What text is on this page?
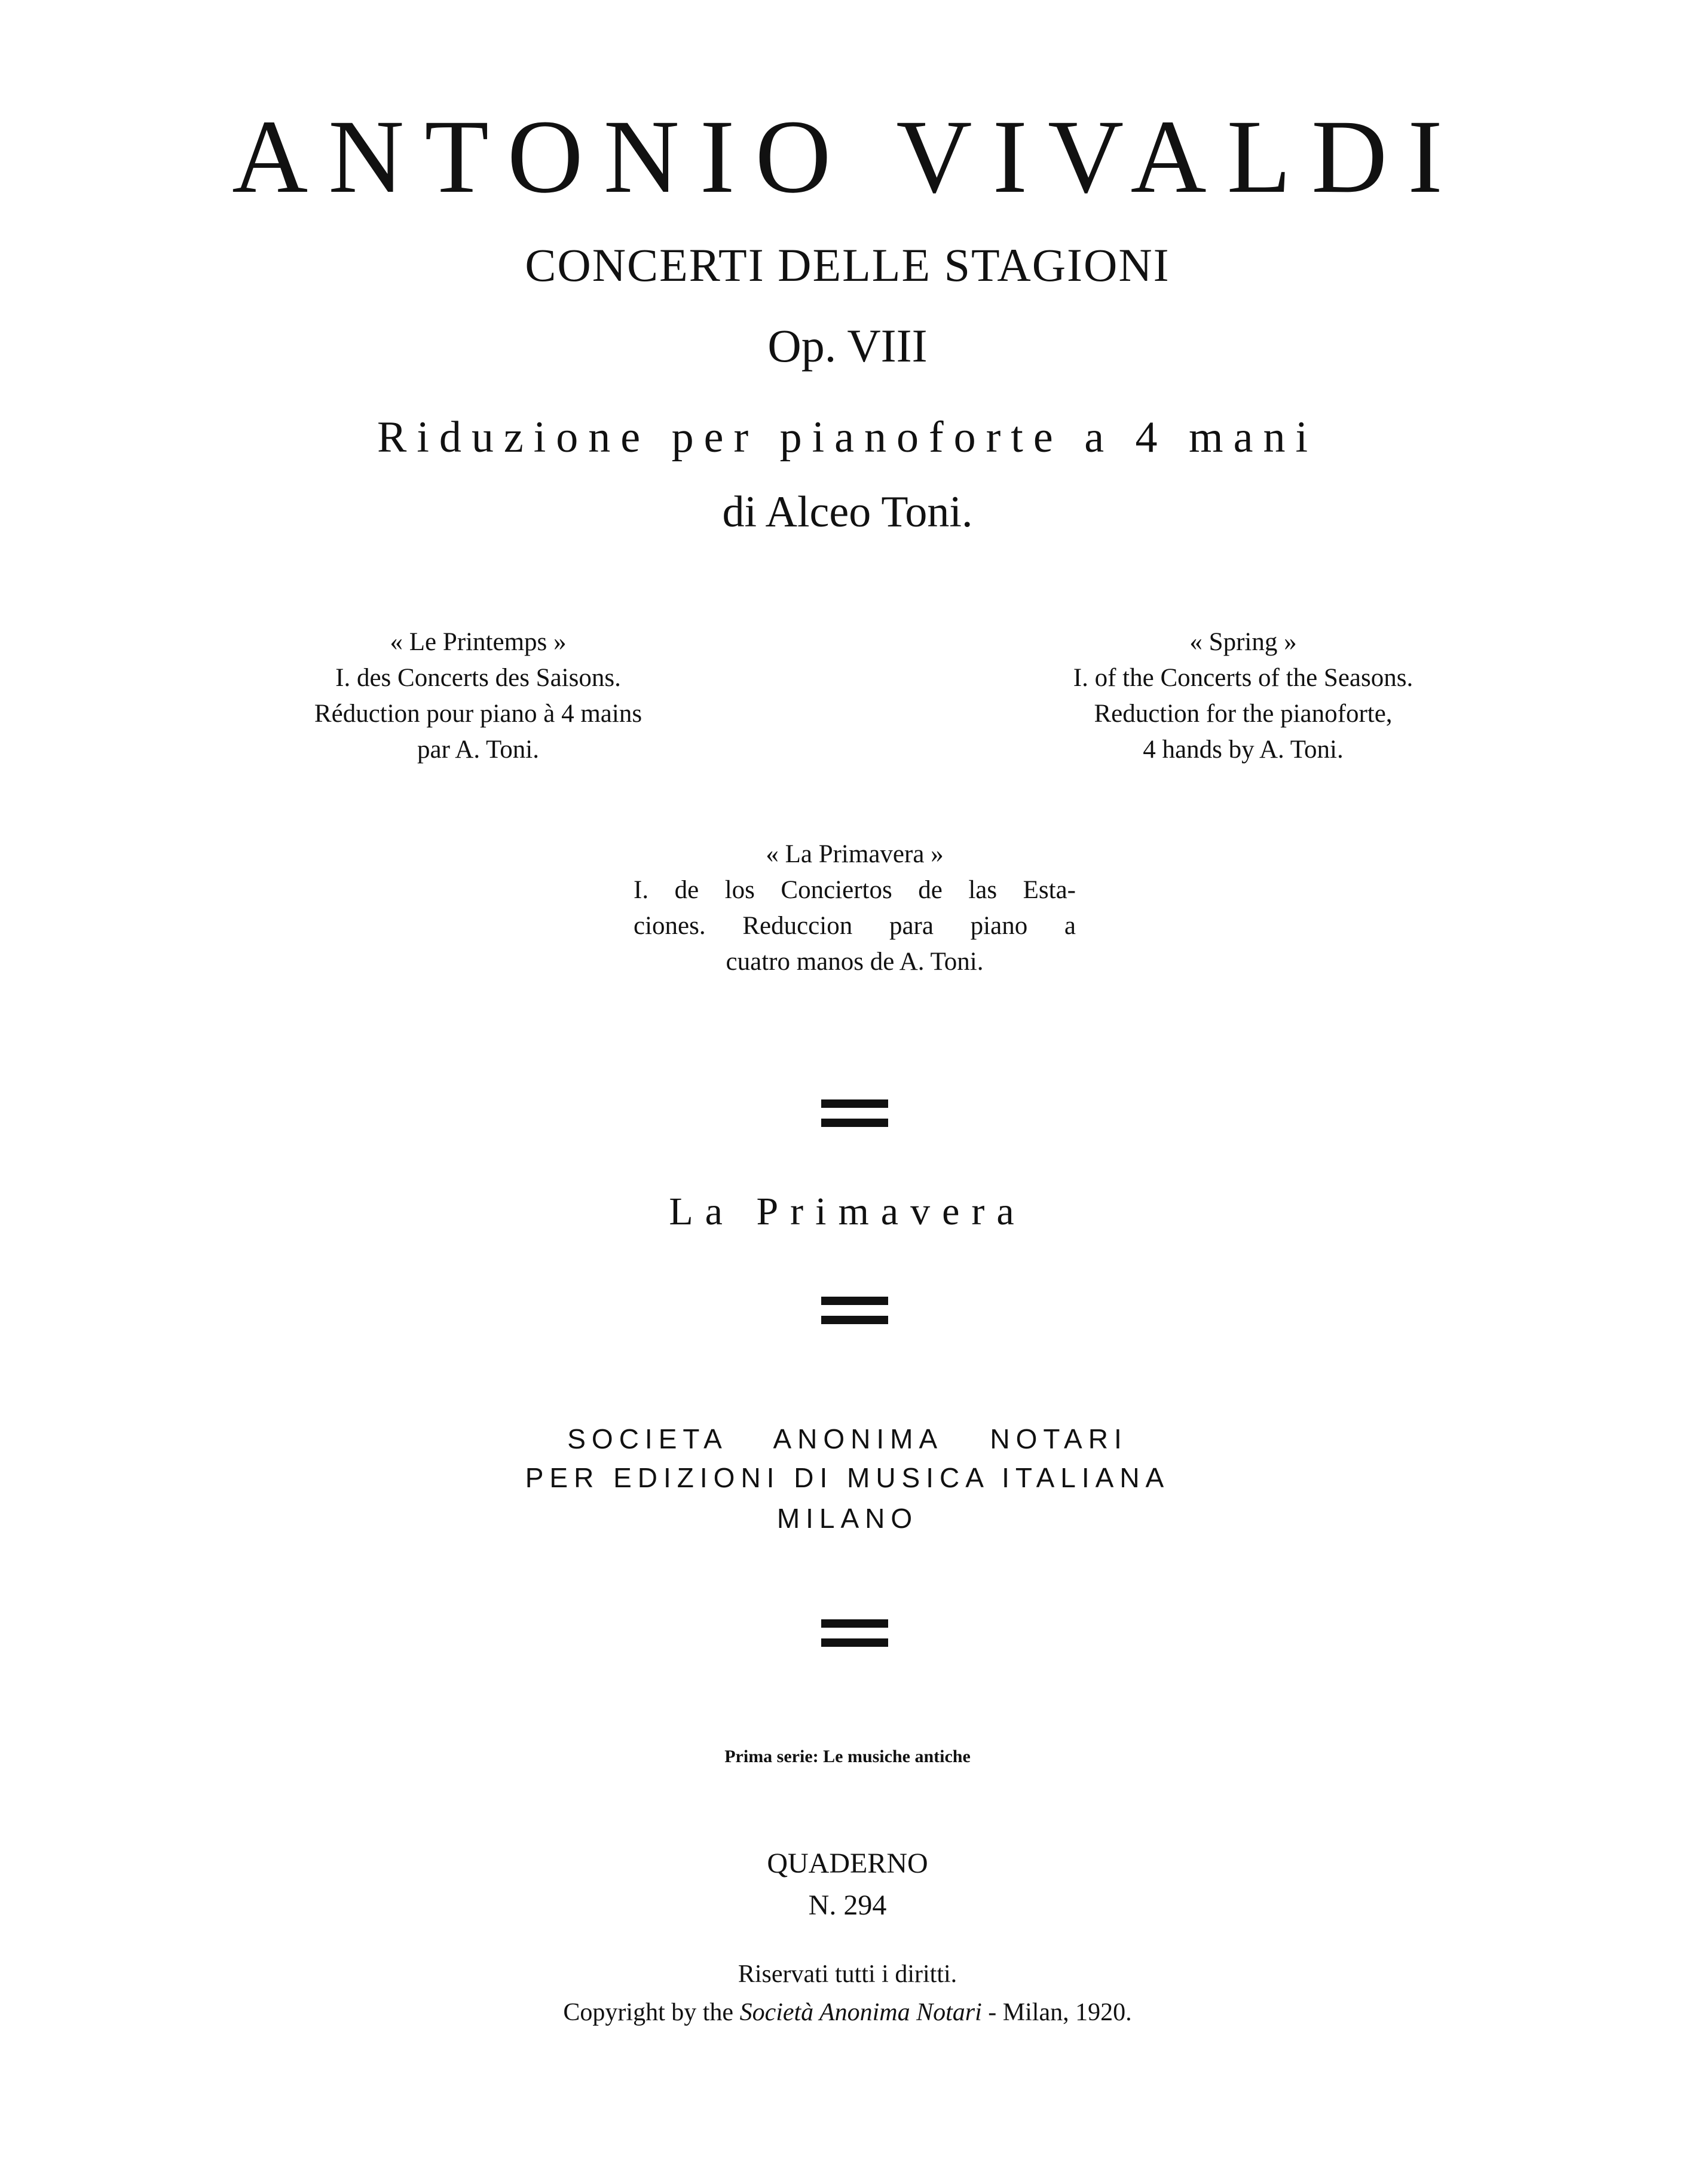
ANTONIO VIVALDI
CONCERTI DELLE STAGIONI
Op. VIII
Riduzione per pianoforte a 4 mani
di Alceo Toni.
« Le Printemps »
I. des Concerts des Saisons.
Réduction pour piano à 4 mains
par A. Toni.
« Spring »
I. of the Concerts of the Seasons.
Reduction for the pianoforte,
4 hands by A. Toni.
« La Primavera »
I. de los Conciertos de las Esta-
ciones. Reduccion para piano a
cuatro manos de A. Toni.
La Primavera
SOCIETA ANONIMA NOTARI
PER EDIZIONI DI MUSICA ITALIANA
MILANO
Prima serie: Le musiche antiche
QUADERNO
N. 294
Riservati tutti i diritti.
Copyright by the Società Anonima Notari - Milan, 1920.
